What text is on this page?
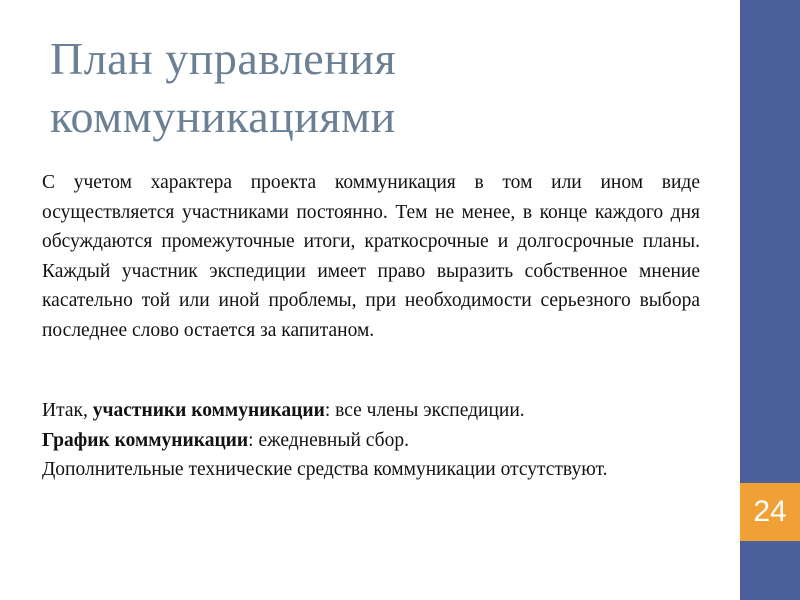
План управления
коммуникациями

С учетом характера проекта коммуникация в том или ином виде осуществляется участниками постоянно. Тем не менее, в конце каждого дня обсуждаются промежуточные итоги, краткосрочные и долгосрочные планы. Каждый участник экспедиции имеет право выразить собственное мнение касательно той или иной проблемы, при необходимости серьезного выбора последнее слово остается за капитаном.

Итак, участники коммуникации: все члены экспедиции.

График коммуникации: ежедневный сбор.

Дополнительные технические средства коммуникации отсутствуют.

24
